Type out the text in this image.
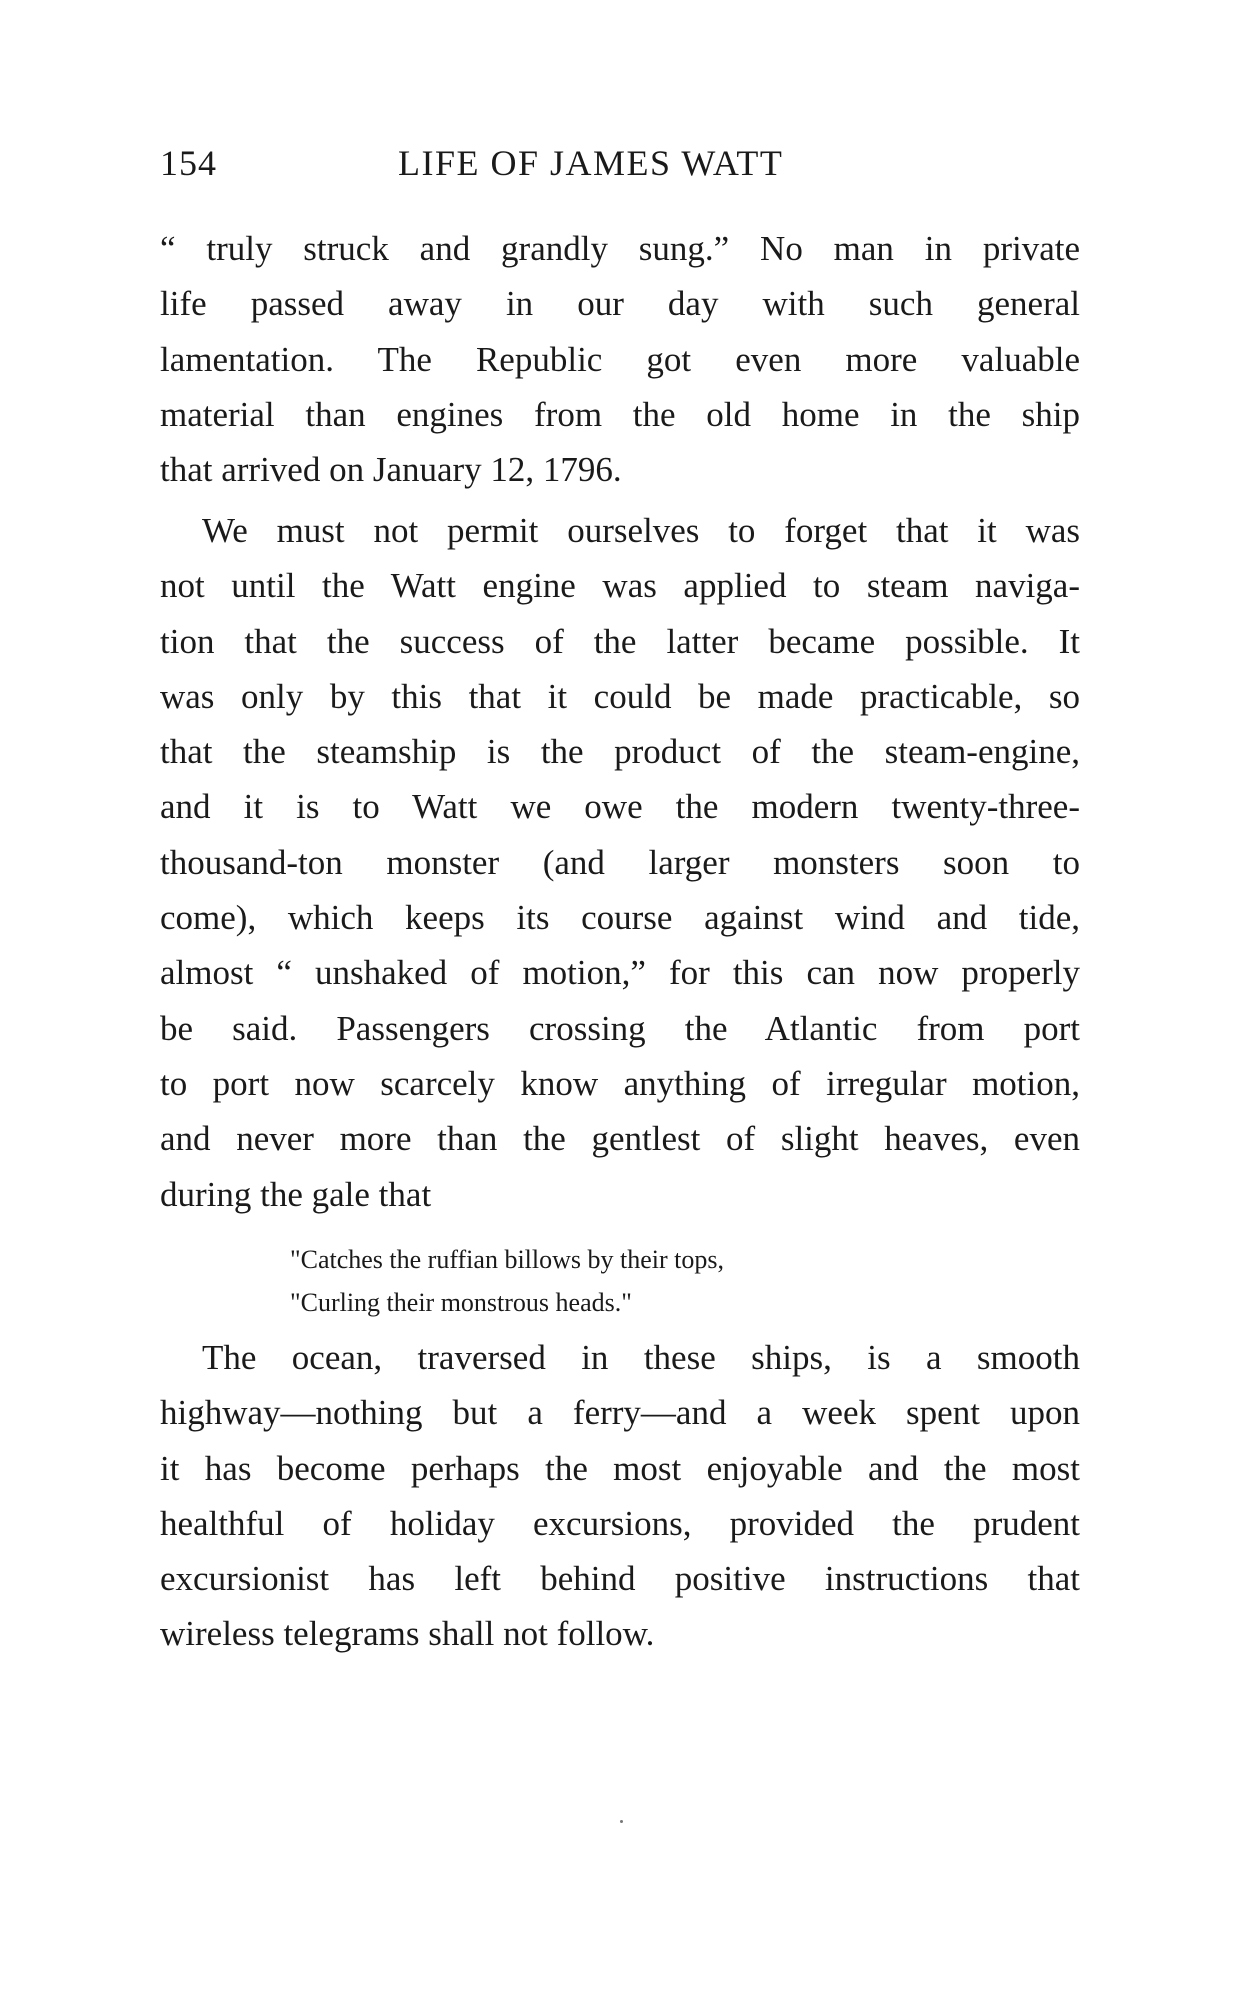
154	LIFE OF JAMES WATT
“ truly struck and grandly sung.” No man in private
life passed away in our day with such general
lamentation. The Republic got even more valuable
material than engines from the old home in the ship
that arrived on January 12, 1796.
We must not permit ourselves to forget that it was
not until the Watt engine was applied to steam naviga-
tion that the success of the latter became possible. It
was only by this that it could be made practicable, so
that the steamship is the product of the steam-engine,
and it is to Watt we owe the modern twenty-three-
thousand-ton monster (and larger monsters soon to
come), which keeps its course against wind and tide,
almost “ unshaked of motion,” for this can now properly
be said. Passengers crossing the Atlantic from port
to port now scarcely know anything of irregular motion,
and never more than the gentlest of slight heaves, even
during the gale that
"Catches the ruffian billows by their tops,
"Curling their monstrous heads."
The ocean, traversed in these ships, is a smooth
highway—nothing but a ferry—and a week spent upon
it has become perhaps the most enjoyable and the most
healthful of holiday excursions, provided the prudent
excursionist has left behind positive instructions that
wireless telegrams shall not follow.
